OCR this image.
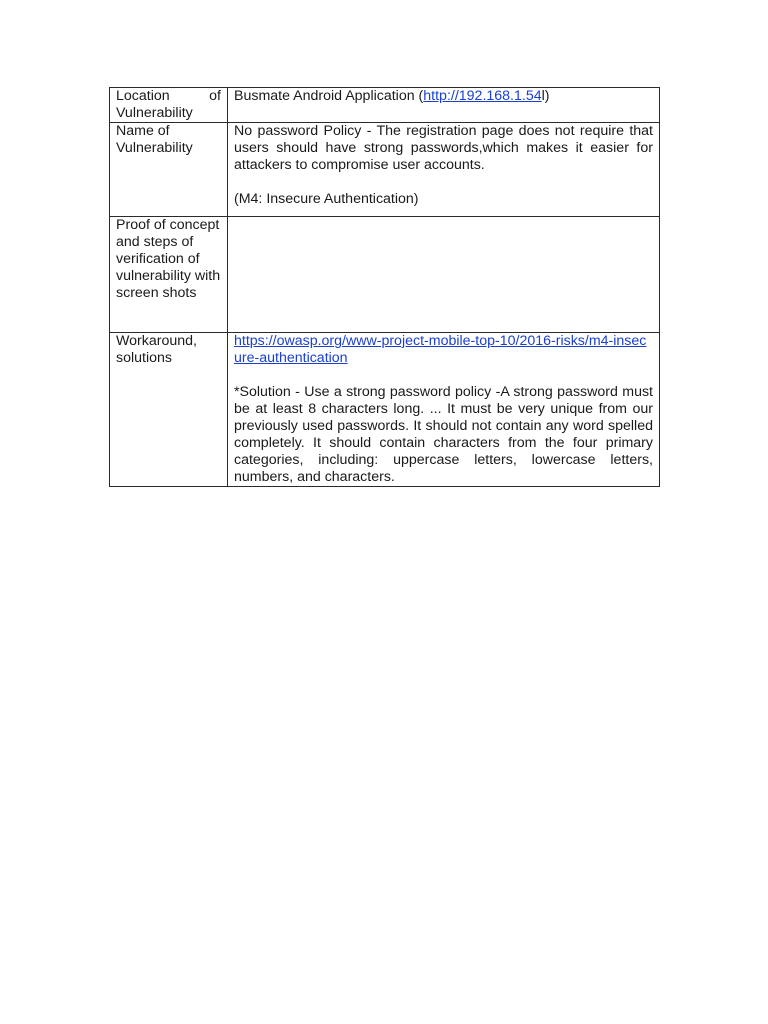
Location of Vulnerability	Busmate Android Application (http://192.168.1.54l)
Name of Vulnerability	No password Policy - The registration page does not require that users should have strong passwords,which makes it easier for attackers to compromise user accounts.

(M4: Insecure Authentication)

Proof of concept and steps of verification of vulnerability with screen shots	
Workaround, solutions	https://owasp.org/www-project-mobile-top-10/2016-risks/m4-insecure-authentication

*Solution - Use a strong password policy -A strong password must be at least 8 characters long. ... It must be very unique from our previously used passwords. It should not contain any word spelled completely. It should contain characters from the four primary categories, including: uppercase letters, lowercase letters, numbers, and characters.
